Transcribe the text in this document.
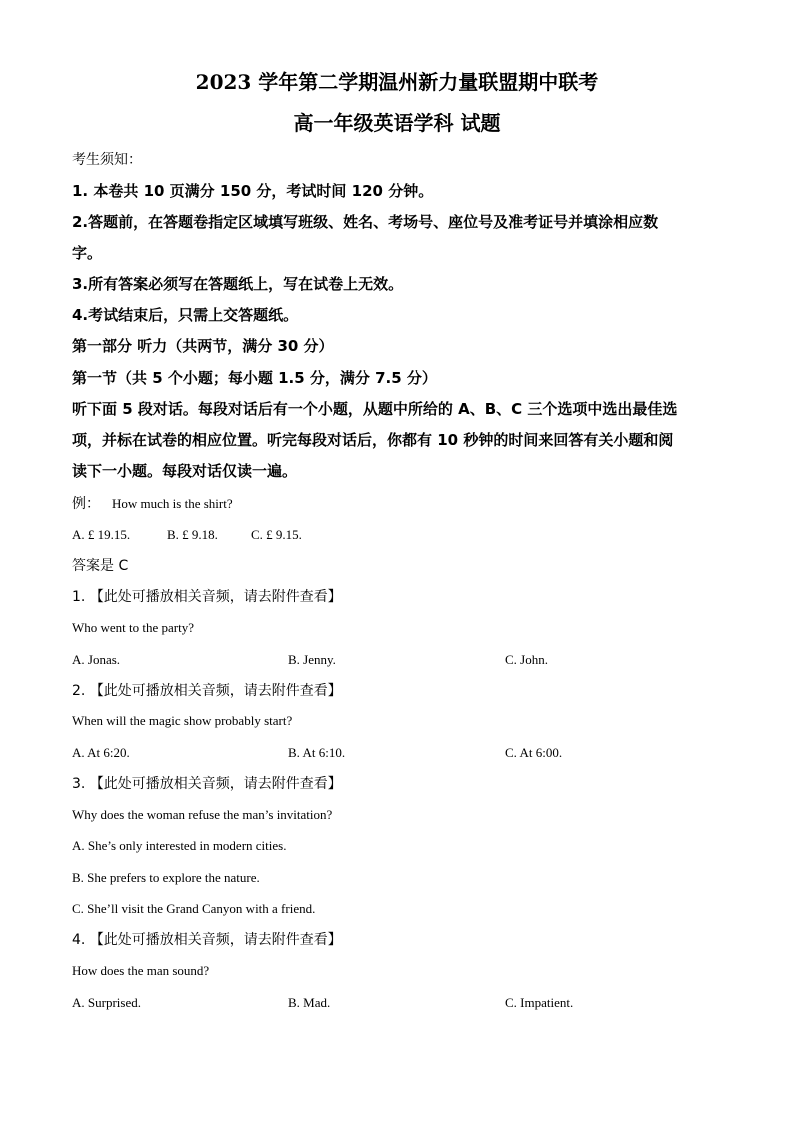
2023 学年第二学期温州新力量联盟期中联考
高一年级英语学科 试题
考生须知：
1. 本卷共 10 页满分 150 分，考试时间 120 分钟。
2.答题前，在答题卷指定区域填写班级、姓名、考场号、座位号及准考证号并填涂相应数
字。
3.所有答案必须写在答题纸上，写在试卷上无效。
4.考试结束后，只需上交答题纸。
第一部分 听力（共两节，满分 30 分）
第一节（共 5 个小题；每小题 1.5 分，满分 7.5 分）
听下面 5 段对话。每段对话后有一个小题，从题中所给的 A、B、C 三个选项中选出最佳选
项，并标在试卷的相应位置。听完每段对话后，你都有 10 秒钟的时间来回答有关小题和阅
读下一小题。每段对话仅读一遍。
例： How much is the shirt?
A. £ 19.15.	B. £ 9.18.	C. £ 9.15.
答案是 C
1. 【此处可播放相关音频，请去附件查看】
Who went to the party?
A. Jonas.	B. Jenny.	C. John.
2. 【此处可播放相关音频，请去附件查看】
When will the magic show probably start?
A. At 6:20.	B. At 6:10.	C. At 6:00.
3. 【此处可播放相关音频，请去附件查看】
Why does the woman refuse the man’s invitation?
A. She’s only interested in modern cities.
B. She prefers to explore the nature.
C. She’ll visit the Grand Canyon with a friend.
4. 【此处可播放相关音频，请去附件查看】
How does the man sound?
A. Surprised.	B. Mad.	C. Impatient.
